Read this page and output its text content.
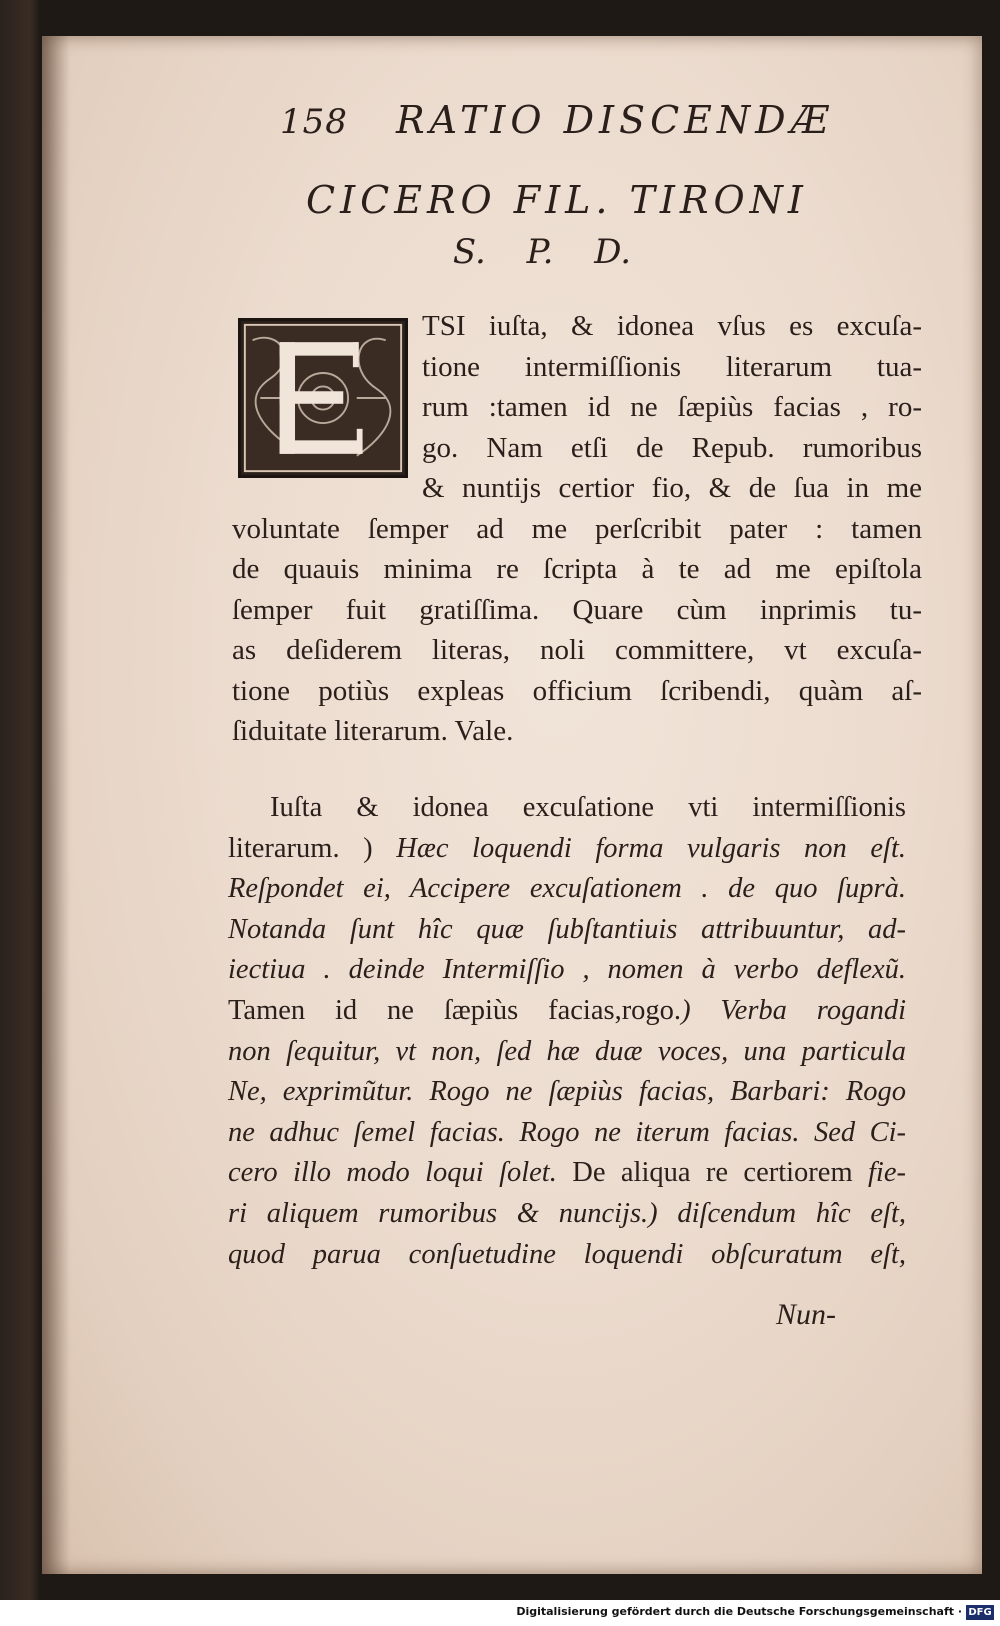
158 RATIO DISCENDÆ
CICERO FIL. TIRONI
S. P. D.
TSI iuſta, & idonea vſus es excuſa-
tione intermiſſionis literarum tua-
rum :tamen id ne ſæpiùs facias , ro-
go. Nam etſi de Repub. rumoribus
& nuntijs certior fio, & de ſua in me
voluntate ſemper ad me perſcribit pater : tamen
de quauis minima re ſcripta à te ad me epiſtola
ſemper fuit gratiſſima. Quare cùm inprimis tu-
as deſiderem literas, noli committere, vt excuſa-
tione potiùs expleas officium ſcribendi, quàm aſ-
ſiduitate literarum. Vale.
Iuſta & idonea excuſatione vti intermiſſionis
literarum. ) Hæc loquendi forma vulgaris non eſt.
Reſpondet ei, Accipere excuſationem . de quo ſuprà.
Notanda ſunt hîc quæ ſubſtantiuis attribuuntur, ad-
iectiua . deinde Intermiſſio , nomen à verbo deflexũ.
Tamen id ne ſæpiùs facias,rogo.) Verba rogandi
non ſequitur, vt non, ſed hæ duæ voces, una particula
Ne, exprimũtur. Rogo ne ſæpiùs facias, Barbari: Rogo
ne adhuc ſemel facias. Rogo ne iterum facias. Sed Ci-
cero illo modo loqui ſolet. De aliqua re certiorem fie-
ri aliquem rumoribus & nuncijs.) diſcendum hîc eſt,
quod parua conſuetudine loquendi obſcuratum eſt,
Nun-
Digitalisierung gefördert durch die Deutsche Forschungsgemeinschaft · DFG
